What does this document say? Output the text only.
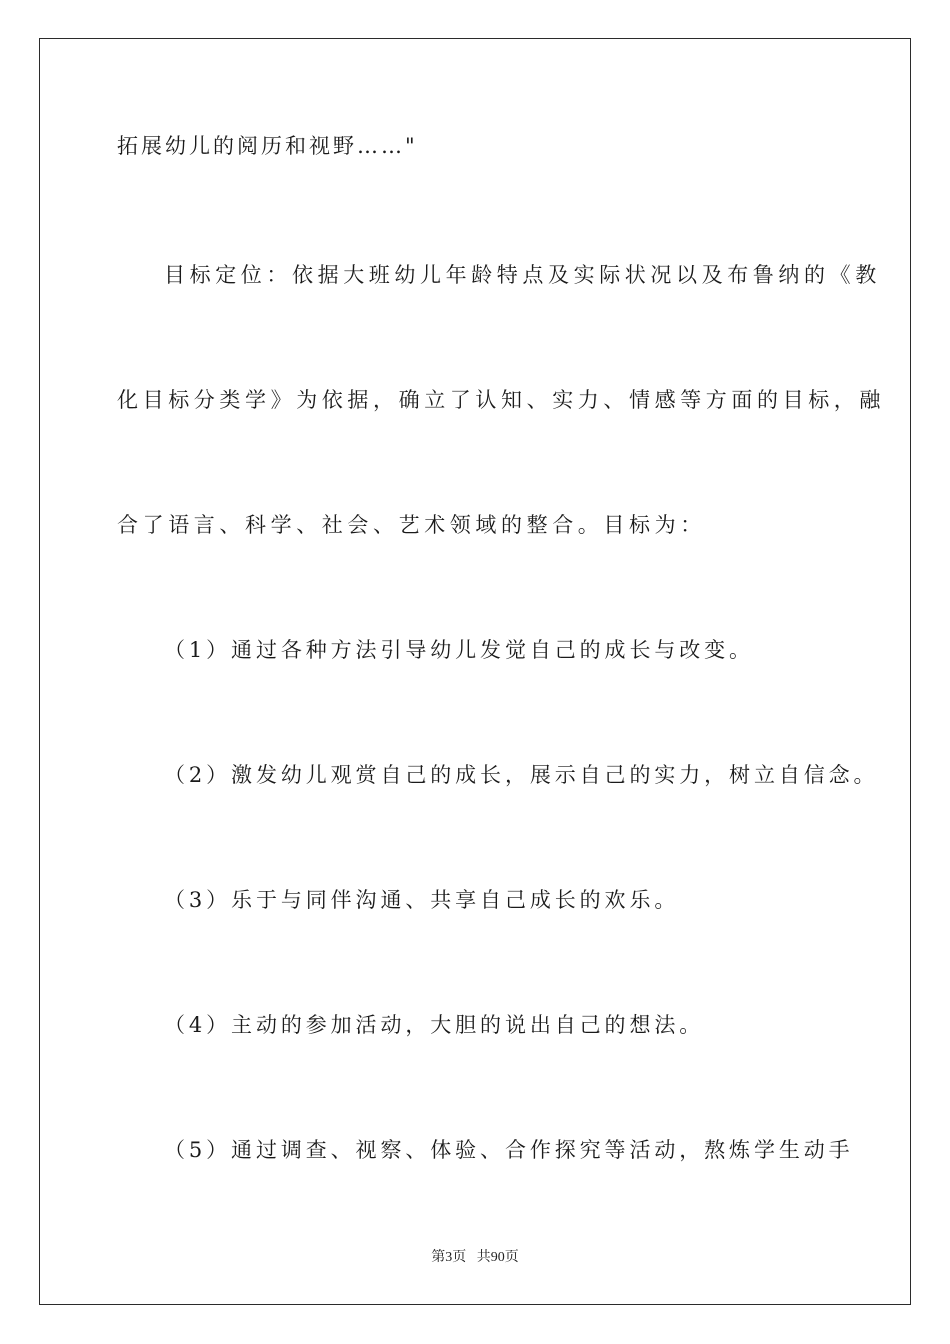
拓展幼儿的阅历和视野……"
目标定位：依据大班幼儿年龄特点及实际状况以及布鲁纳的《教
化目标分类学》为依据，确立了认知、实力、情感等方面的目标，融
合了语言、科学、社会、艺术领域的整合。目标为：
（1）通过各种方法引导幼儿发觉自己的成长与改变。
（2）激发幼儿观赏自己的成长，展示自己的实力，树立自信念。
（3）乐于与同伴沟通、共享自己成长的欢乐。
（4）主动的参加活动，大胆的说出自己的想法。
（5）通过调查、视察、体验、合作探究等活动，熬炼学生动手
第3页   共90页
